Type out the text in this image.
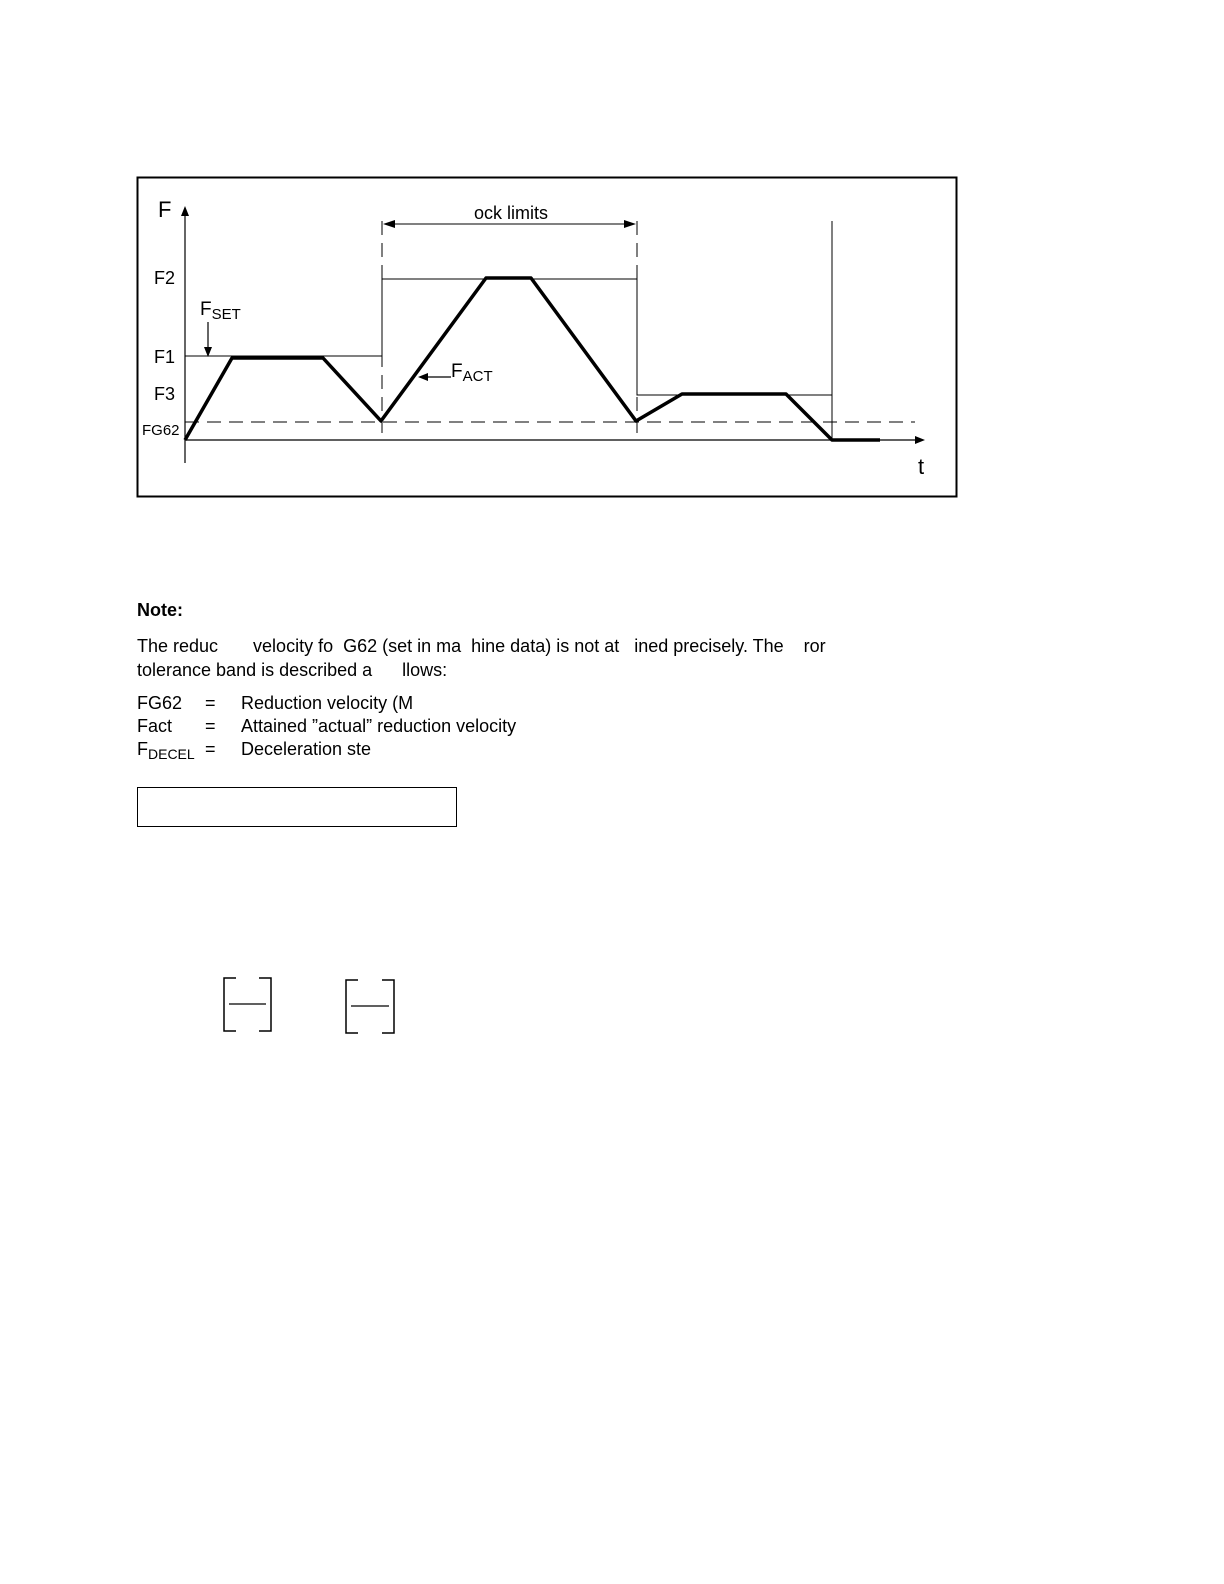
F
t
F2
F1
F3
FG62
ock limits
$F_{SET}$
$F_{ACT}$
Note:
The reduc       velocity fo  G62 (set in ma  hine data) is not at   ined precisely. The    ror
tolerance band is described a      llows:

FG62

=

Reduction velocity (M

Fact

=

Attained ”actual” reduction velocity

$F_{DECEL}$

=

Deceleration ste
